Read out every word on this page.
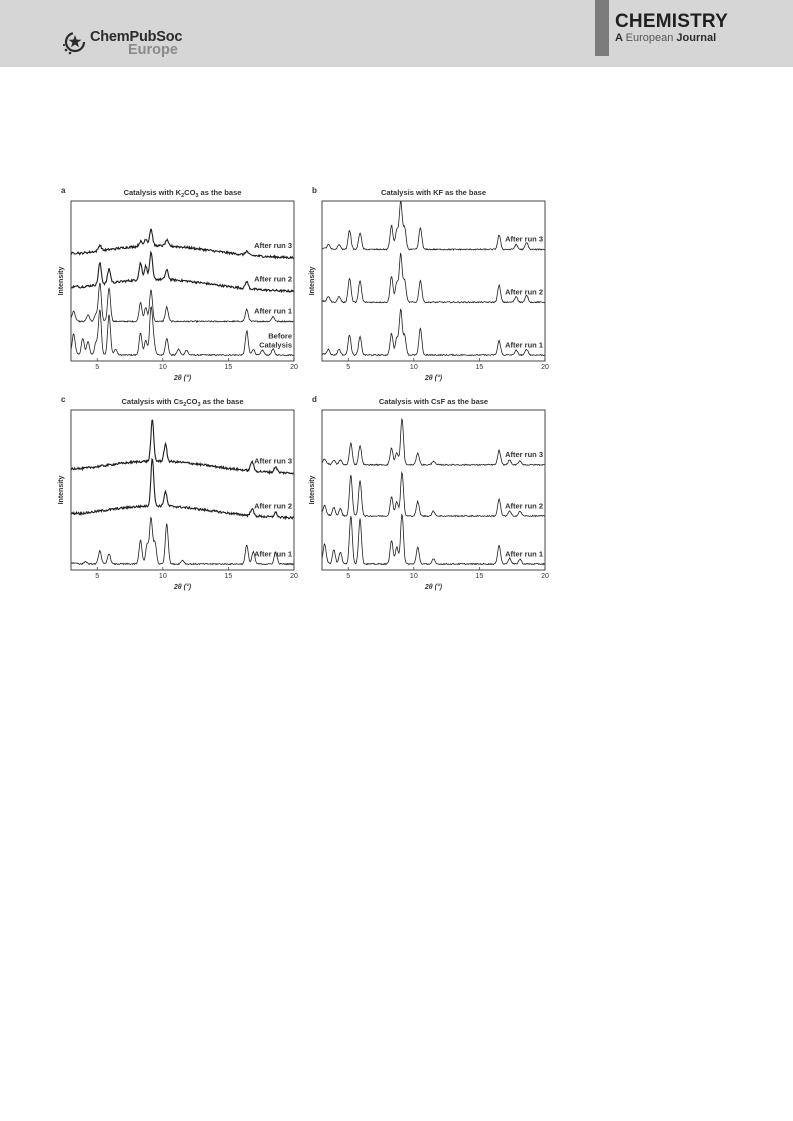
ChemPubSoc
Europe
CHEMISTRY
A European Journal
a	Catalysis with $K_2CO_3$ as the base
5	10	15	20
2θ (°)
Intensity
Before Catalysis
After run 1
After run 2
After run 3
b	Catalysis with KF as the base
5	10	15	20
2θ (°)
Intensity
After run 1
After run 2
After run 3
c	Catalysis with $Cs_2CO_3$ as the base
5	10	15	20
2θ (°)
Intensity
After run 1
After run 2
After run 3
d	Catalysis with CsF as the base
5	10	15	20
2θ (°)
Intensity
After run 1
After run 2
After run 3
